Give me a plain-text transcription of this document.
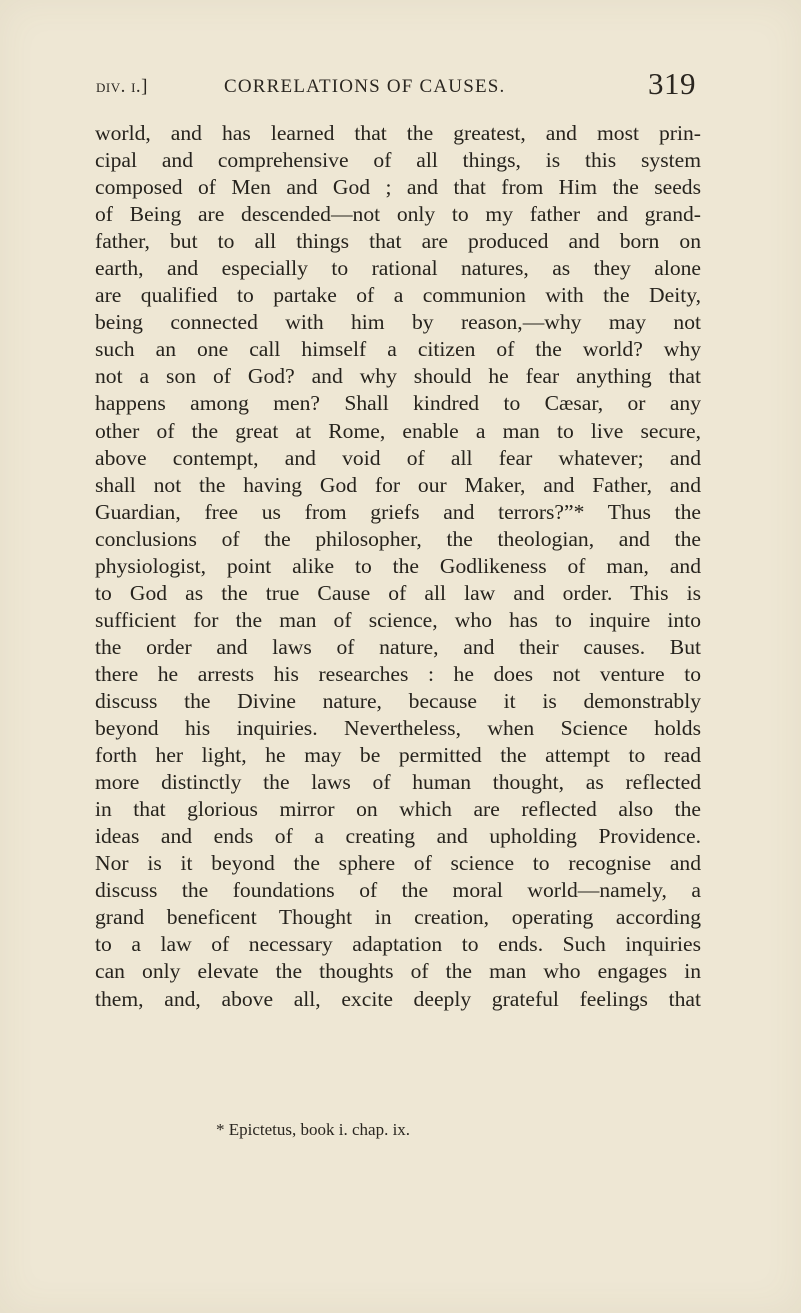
div. i.]	CORRELATIONS OF CAUSES.	319
world, and has learned that the greatest, and most prin-
cipal and comprehensive of all things, is this system
composed of Men and God ; and that from Him the seeds
of Being are descended—not only to my father and grand-
father, but to all things that are produced and born on
earth, and especially to rational natures, as they alone
are qualified to partake of a communion with the Deity,
being connected with him by reason,—why may not
such an one call himself a citizen of the world? why
not a son of God? and why should he fear anything that
happens among men? Shall kindred to Cæsar, or any
other of the great at Rome, enable a man to live secure,
above contempt, and void of all fear whatever; and
shall not the having God for our Maker, and Father, and
Guardian, free us from griefs and terrors?”* Thus the
conclusions of the philosopher, the theologian, and the
physiologist, point alike to the Godlikeness of man, and
to God as the true Cause of all law and order. This is
sufficient for the man of science, who has to inquire into
the order and laws of nature, and their causes. But
there he arrests his researches : he does not venture to
discuss the Divine nature, because it is demonstrably
beyond his inquiries. Nevertheless, when Science holds
forth her light, he may be permitted the attempt to read
more distinctly the laws of human thought, as reflected
in that glorious mirror on which are reflected also the
ideas and ends of a creating and upholding Providence.
Nor is it beyond the sphere of science to recognise and
discuss the foundations of the moral world—namely, a
grand beneficent Thought in creation, operating according
to a law of necessary adaptation to ends. Such inquiries
can only elevate the thoughts of the man who engages in
them, and, above all, excite deeply grateful feelings that
* Epictetus, book i. chap. ix.
